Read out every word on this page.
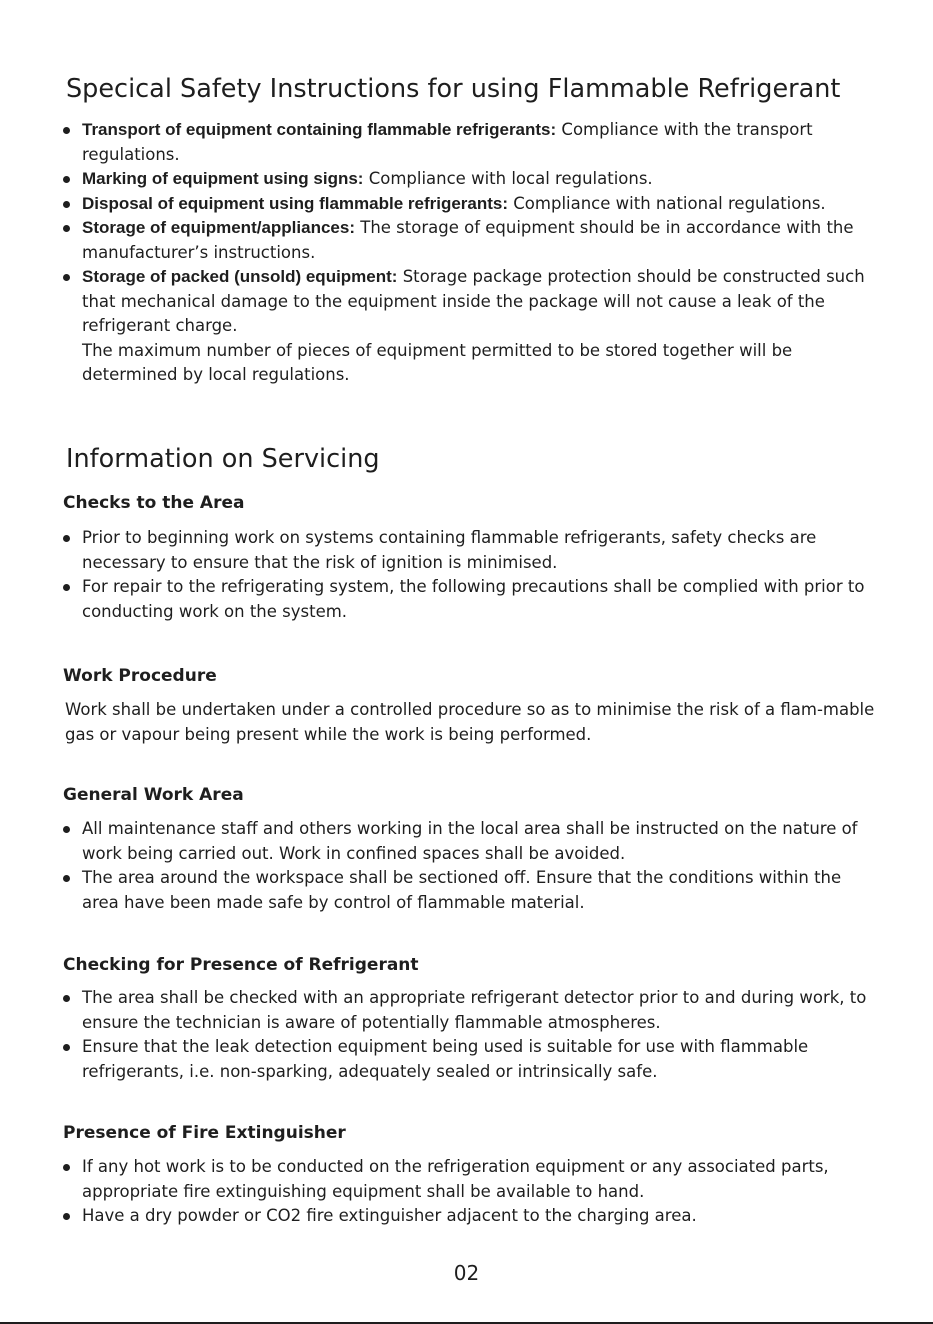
Specical Safety Instructions for using Flammable Refrigerant
Transport of equipment containing flammable refrigerants: Compliance with the transport regulations.
Marking of equipment using signs: Compliance with local regulations.
Disposal of equipment using flammable refrigerants: Compliance with national regulations.
Storage of equipment/appliances: The storage of equipment should be in accordance with the manufacturer’s instructions.
Storage of packed (unsold) equipment: Storage package protection should be constructed such that mechanical damage to the equipment inside the package will not cause a leak of the refrigerant charge.
The maximum number of pieces of equipment permitted to be stored together will be determined by local regulations.
Information on Servicing
Checks to the Area
Prior to beginning work on systems containing flammable refrigerants, safety checks are necessary to ensure that the risk of ignition is minimised.
For repair to the refrigerating system, the following precautions shall be complied with prior to conducting work on the system.
Work Procedure

Work shall be undertaken under a controlled procedure so as to minimise the risk of a flam-mable gas or vapour being present while the work is being performed.

General Work Area
All maintenance staff and others working in the local area shall be instructed on the nature of work being carried out. Work in confined spaces shall be avoided.
The area around the workspace shall be sectioned off. Ensure that the conditions within the area have been made safe by control of flammable material.
Checking for Presence of Refrigerant
The area shall be checked with an appropriate refrigerant detector prior to and during work, to ensure the technician is aware of potentially flammable atmospheres.
Ensure that the leak detection equipment being used is suitable for use with flammable refrigerants, i.e. non-sparking, adequately sealed or intrinsically safe.
Presence of Fire Extinguisher
If any hot work is to be conducted on the refrigeration equipment or any associated parts, appropriate fire extinguishing equipment shall be available to hand.
Have a dry powder or CO2 fire extinguisher adjacent to the charging area.
02
